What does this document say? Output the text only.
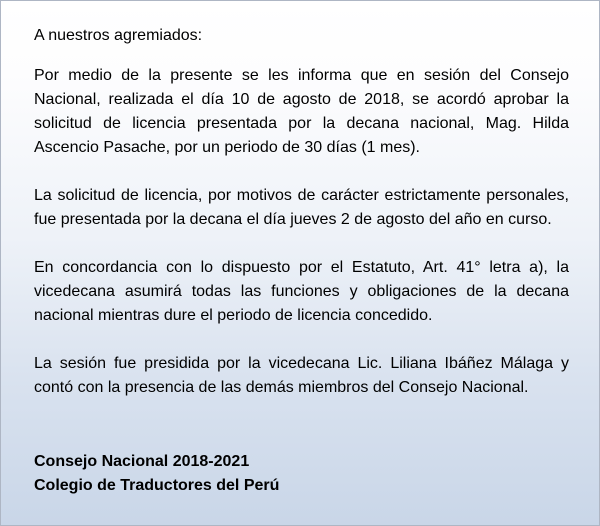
A nuestros agremiados:

Por medio de la presente se les informa que en sesión del Consejo Nacional, realizada el día 10 de agosto de 2018, se acordó aprobar la solicitud de licencia presentada por la decana nacional, Mag. Hilda Ascencio Pasache, por un periodo de 30 días (1 mes).

La solicitud de licencia, por motivos de carácter estrictamente personales, fue presentada por la decana el día jueves 2 de agosto del año en curso.

En concordancia con lo dispuesto por el Estatuto, Art. 41° letra a), la vicedecana asumirá todas las funciones y obligaciones de la decana nacional mientras dure el periodo de licencia concedido.

La sesión fue presidida por la vicedecana Lic. Liliana Ibáñez Málaga y contó con la presencia de las demás miembros del Consejo Nacional.

Consejo Nacional 2018-2021
Colegio de Traductores del Perú
